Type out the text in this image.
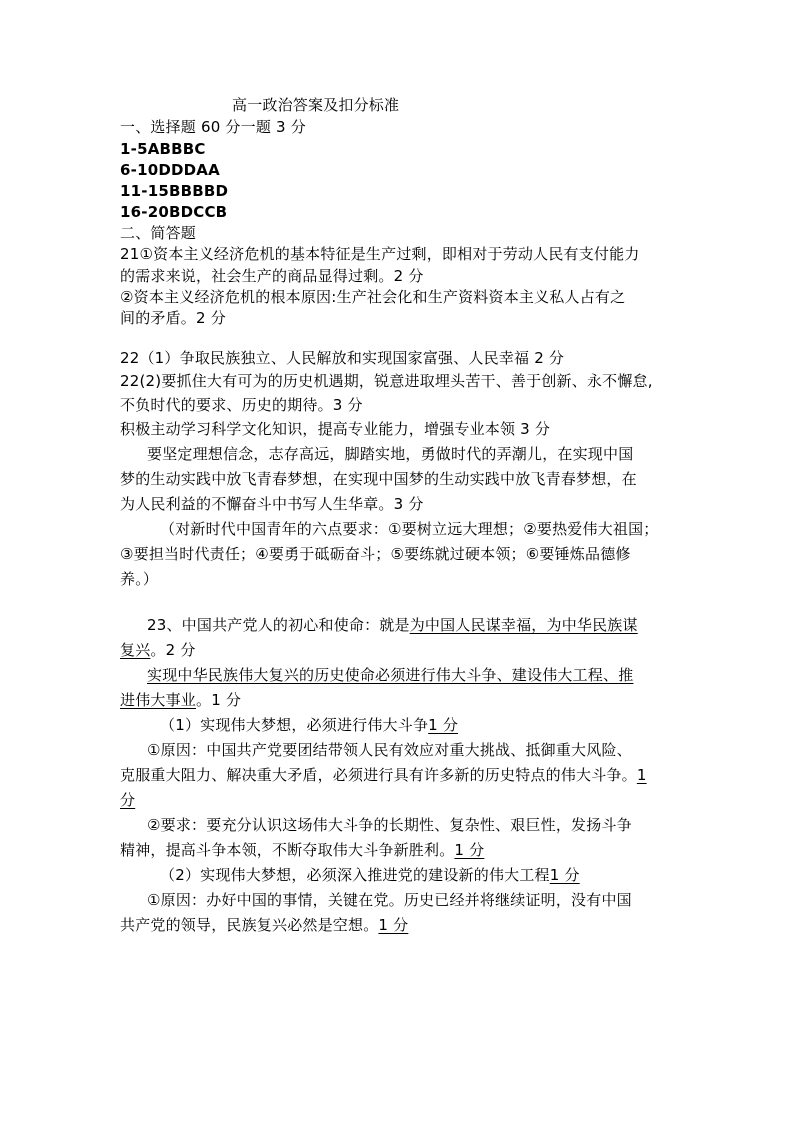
高一政治答案及扣分标准
一、选择题 60 分一题 3 分
1-5ABBBC
6-10DDDAA
11-15BBBBD
16-20BDCCB
二、简答题
21①资本主义经济危机的基本特征是生产过剩，即相对于劳动人民有支付能力
的需求来说，社会生产的商品显得过剩。2 分
②资本主义经济危机的根本原因:生产社会化和生产资料资本主义私人占有之
间的矛盾。2 分
22（1）争取民族独立、人民解放和实现国家富强、人民幸福 2 分
22(2)要抓住大有可为的历史机遇期，锐意进取埋头苦干、善于创新、永不懈怠,
不负时代的要求、历史的期待。3 分
积极主动学习科学文化知识，提高专业能力，增强专业本领 3 分
要坚定理想信念，志存高远，脚踏实地，勇做时代的弄潮儿，在实现中国
梦的生动实践中放飞青春梦想，在实现中国梦的生动实践中放飞青春梦想，在
为人民利益的不懈奋斗中书写人生华章。3 分
（对新时代中国青年的六点要求：①要树立远大理想；②要热爱伟大祖国；
③要担当时代责任；④要勇于砥砺奋斗；⑤要练就过硬本领；⑥要锤炼品德修
养。）
23、中国共产党人的初心和使命：就是为中国人民谋幸福，为中华民族谋
复兴。2 分
实现中华民族伟大复兴的历史使命必须进行伟大斗争、建设伟大工程、推
进伟大事业。1 分
（1）实现伟大梦想，必须进行伟大斗争1 分
①原因：中国共产党要团结带领人民有效应对重大挑战、抵御重大风险、
克服重大阻力、解决重大矛盾，必须进行具有许多新的历史特点的伟大斗争。1
分
②要求：要充分认识这场伟大斗争的长期性、复杂性、艰巨性，发扬斗争
精神，提高斗争本领，不断夺取伟大斗争新胜利。1 分
（2）实现伟大梦想，必须深入推进党的建设新的伟大工程1 分
①原因：办好中国的事情，关键在党。历史已经并将继续证明，没有中国
共产党的领导，民族复兴必然是空想。1 分
